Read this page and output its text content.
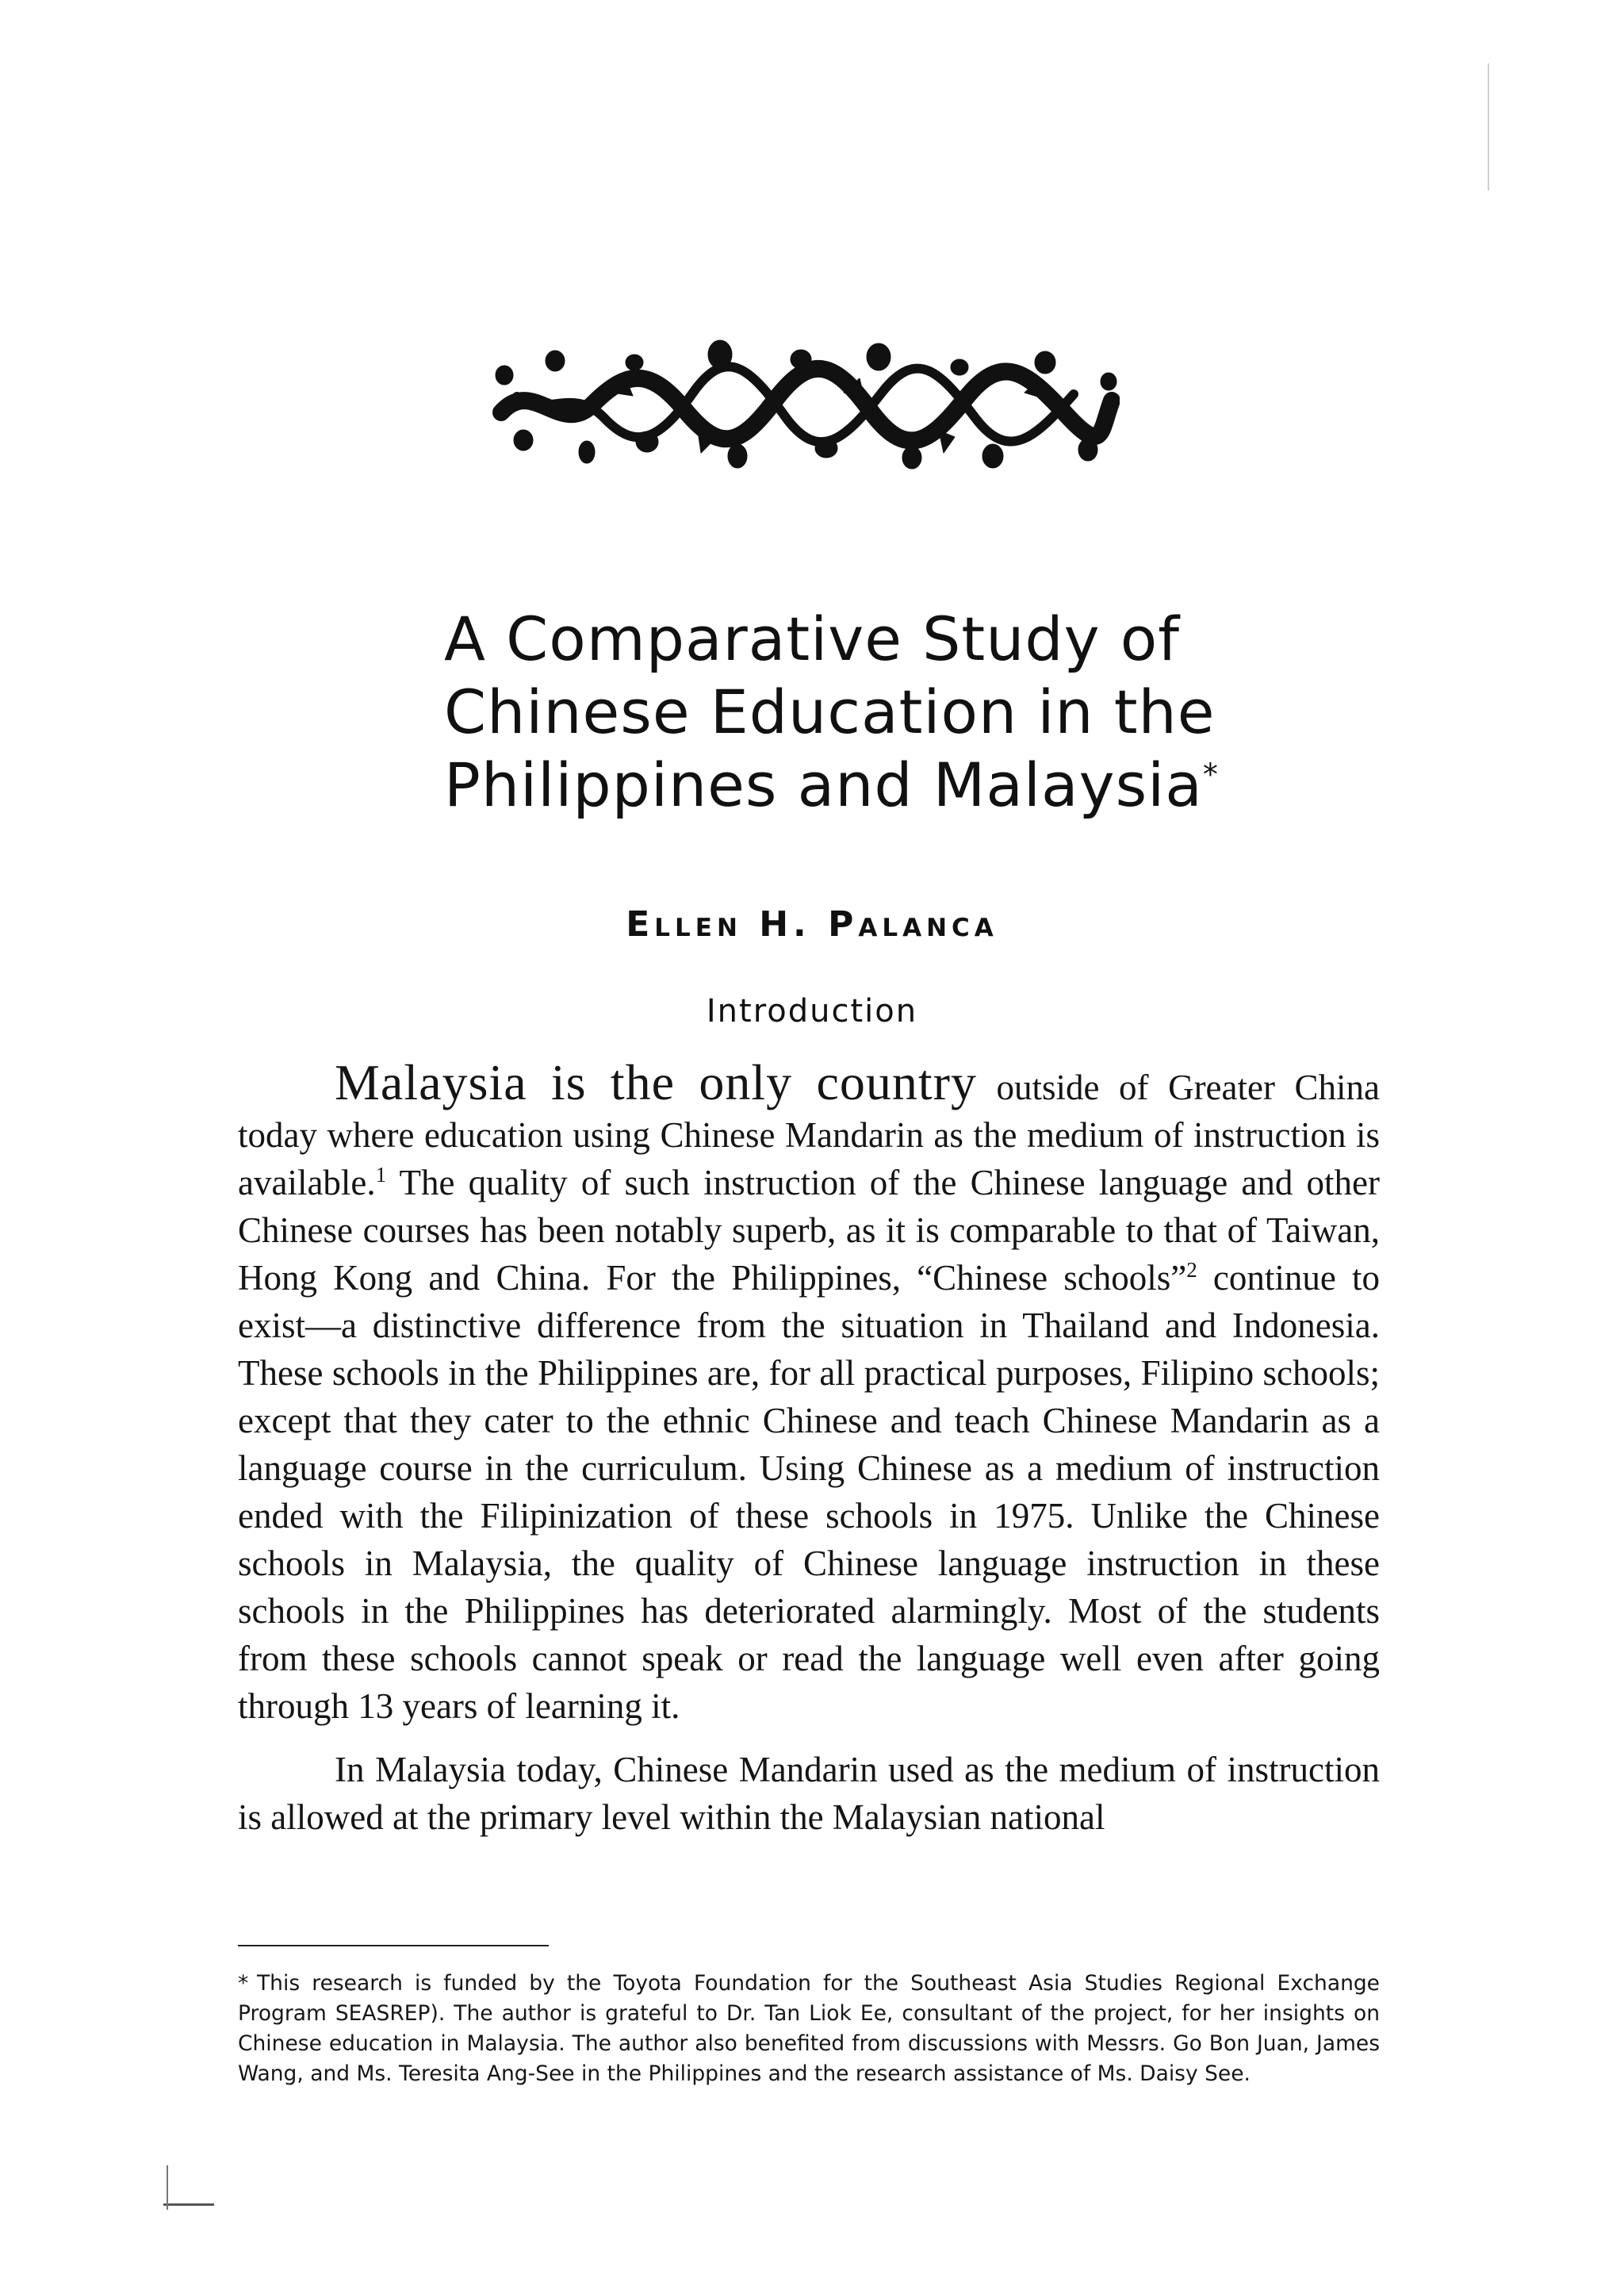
A Comparative Study of
Chinese Education in the
Philippines and Malaysia*
Ellen H. Palanca
Introduction

Malaysia is the only country outside of Greater China today where education using Chinese Mandarin as the medium of instruction is available.$^1$ The quality of such instruction of the Chinese language and other Chinese courses has been notably superb, as it is comparable to that of Taiwan, Hong Kong and China. For the Philippines, “Chinese schools”$^2$ continue to exist—a distinctive difference from the situation in Thailand and Indonesia. These schools in the Philippines are, for all practical purposes, Filipino schools; except that they cater to the ethnic Chinese and teach Chinese Mandarin as a language course in the curriculum. Using Chinese as a medium of instruction ended with the Filipinization of these schools in 1975. Unlike the Chinese schools in Malaysia, the quality of Chinese language instruction in these schools in the Philippines has deteriorated alarmingly. Most of the students from these schools cannot speak or read the language well even after going through 13 years of learning it.

In Malaysia today, Chinese Mandarin used as the medium of instruction is allowed at the primary level within the Malaysian national

* This research is funded by the Toyota Foundation for the Southeast Asia Studies Regional Exchange Program SEASREP). The author is grateful to Dr. Tan Liok Ee, consultant of the project, for her insights on Chinese education in Malaysia. The author also benefited from discussions with Messrs. Go Bon Juan, James Wang, and Ms. Teresita Ang-See in the Philippines and the research assistance of Ms. Daisy See.
